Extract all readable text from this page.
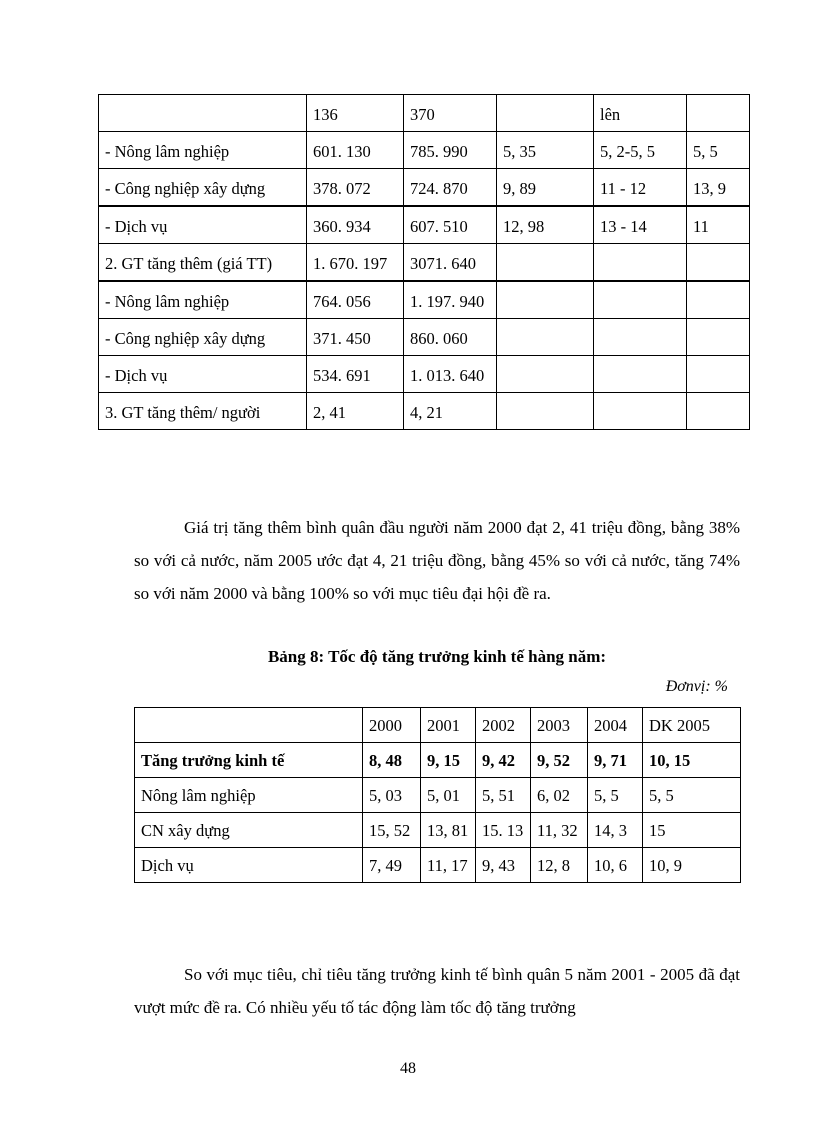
	136	370		lên	
- Nông lâm nghiệp	601. 130	785. 990	5, 35	5, 2-5, 5	5, 5
- Công nghiệp xây dựng	378. 072	724. 870	9, 89	11 - 12	13, 9
- Dịch vụ	360. 934	607. 510	12, 98	13 - 14	11
2. GT tăng thêm (giá TT)	1. 670. 197	3071. 640			
- Nông lâm nghiệp	764. 056	1. 197. 940			
- Công nghiệp xây dựng	371. 450	860. 060			
- Dịch vụ	534. 691	1. 013. 640			
3. GT tăng thêm/ người	2, 41	4, 21			

Giá trị tăng thêm bình quân đầu người năm 2000 đạt 2, 41 triệu đồng, bằng 38% so với cả nước, năm 2005 ước đạt 4, 21 triệu đồng, bằng 45% so với cả nước, tăng 74% so với năm 2000 và bằng 100% so với mục tiêu đại hội đề ra.

Bảng 8: Tốc độ tăng trưởng kinh tế hàng năm:

Đơnvị: %

	2000	2001	2002	2003	2004	DK 2005
Tăng trưởng kinh tế	8, 48	9, 15	9, 42	9, 52	9, 71	10, 15
Nông lâm nghiệp	5, 03	5, 01	5, 51	6, 02	5, 5	5, 5
CN xây dựng	15, 52	13, 81	15. 13	11, 32	14, 3	15
Dịch vụ	7, 49	11, 17	9, 43	12, 8	10, 6	10, 9

So với mục tiêu, chỉ tiêu tăng trưởng kinh tế bình quân 5 năm 2001 - 2005 đã đạt vượt mức đề ra. Có nhiều yếu tố tác động làm tốc độ tăng trưởng

48
